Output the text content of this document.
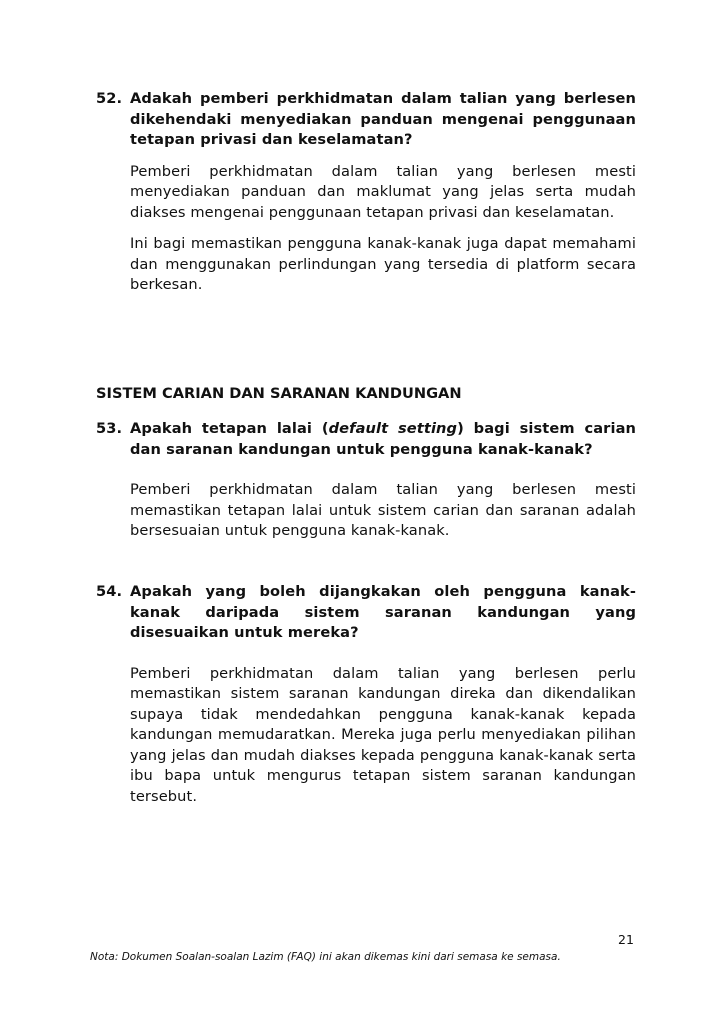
52. Adakah pemberi perkhidmatan dalam talian yang berlesen dikehendaki menyediakan panduan mengenai penggunaan tetapan privasi dan keselamatan?
Pemberi perkhidmatan dalam talian yang berlesen mesti menyediakan panduan dan maklumat yang jelas serta mudah diakses mengenai penggunaan tetapan privasi dan keselamatan.
Ini bagi memastikan pengguna kanak-kanak juga dapat memahami dan menggunakan perlindungan yang tersedia di platform secara berkesan.
SISTEM CARIAN DAN SARANAN KANDUNGAN
53. Apakah tetapan lalai (default setting) bagi sistem carian dan saranan kandungan untuk pengguna kanak-kanak?
Pemberi perkhidmatan dalam talian yang berlesen mesti memastikan tetapan lalai untuk sistem carian dan saranan adalah bersesuaian untuk pengguna kanak-kanak.
54. Apakah yang boleh dijangkakan oleh pengguna kanak-kanak daripada sistem saranan kandungan yang disesuaikan untuk mereka?
Pemberi perkhidmatan dalam talian yang berlesen perlu memastikan sistem saranan kandungan direka dan dikendalikan supaya tidak mendedahkan pengguna kanak-kanak kepada kandungan memudaratkan. Mereka juga perlu menyediakan pilihan yang jelas dan mudah diakses kepada pengguna kanak-kanak serta ibu bapa untuk mengurus tetapan sistem saranan kandungan tersebut.
21
Nota: Dokumen Soalan-soalan Lazim (FAQ) ini akan dikemas kini dari semasa ke semasa.
